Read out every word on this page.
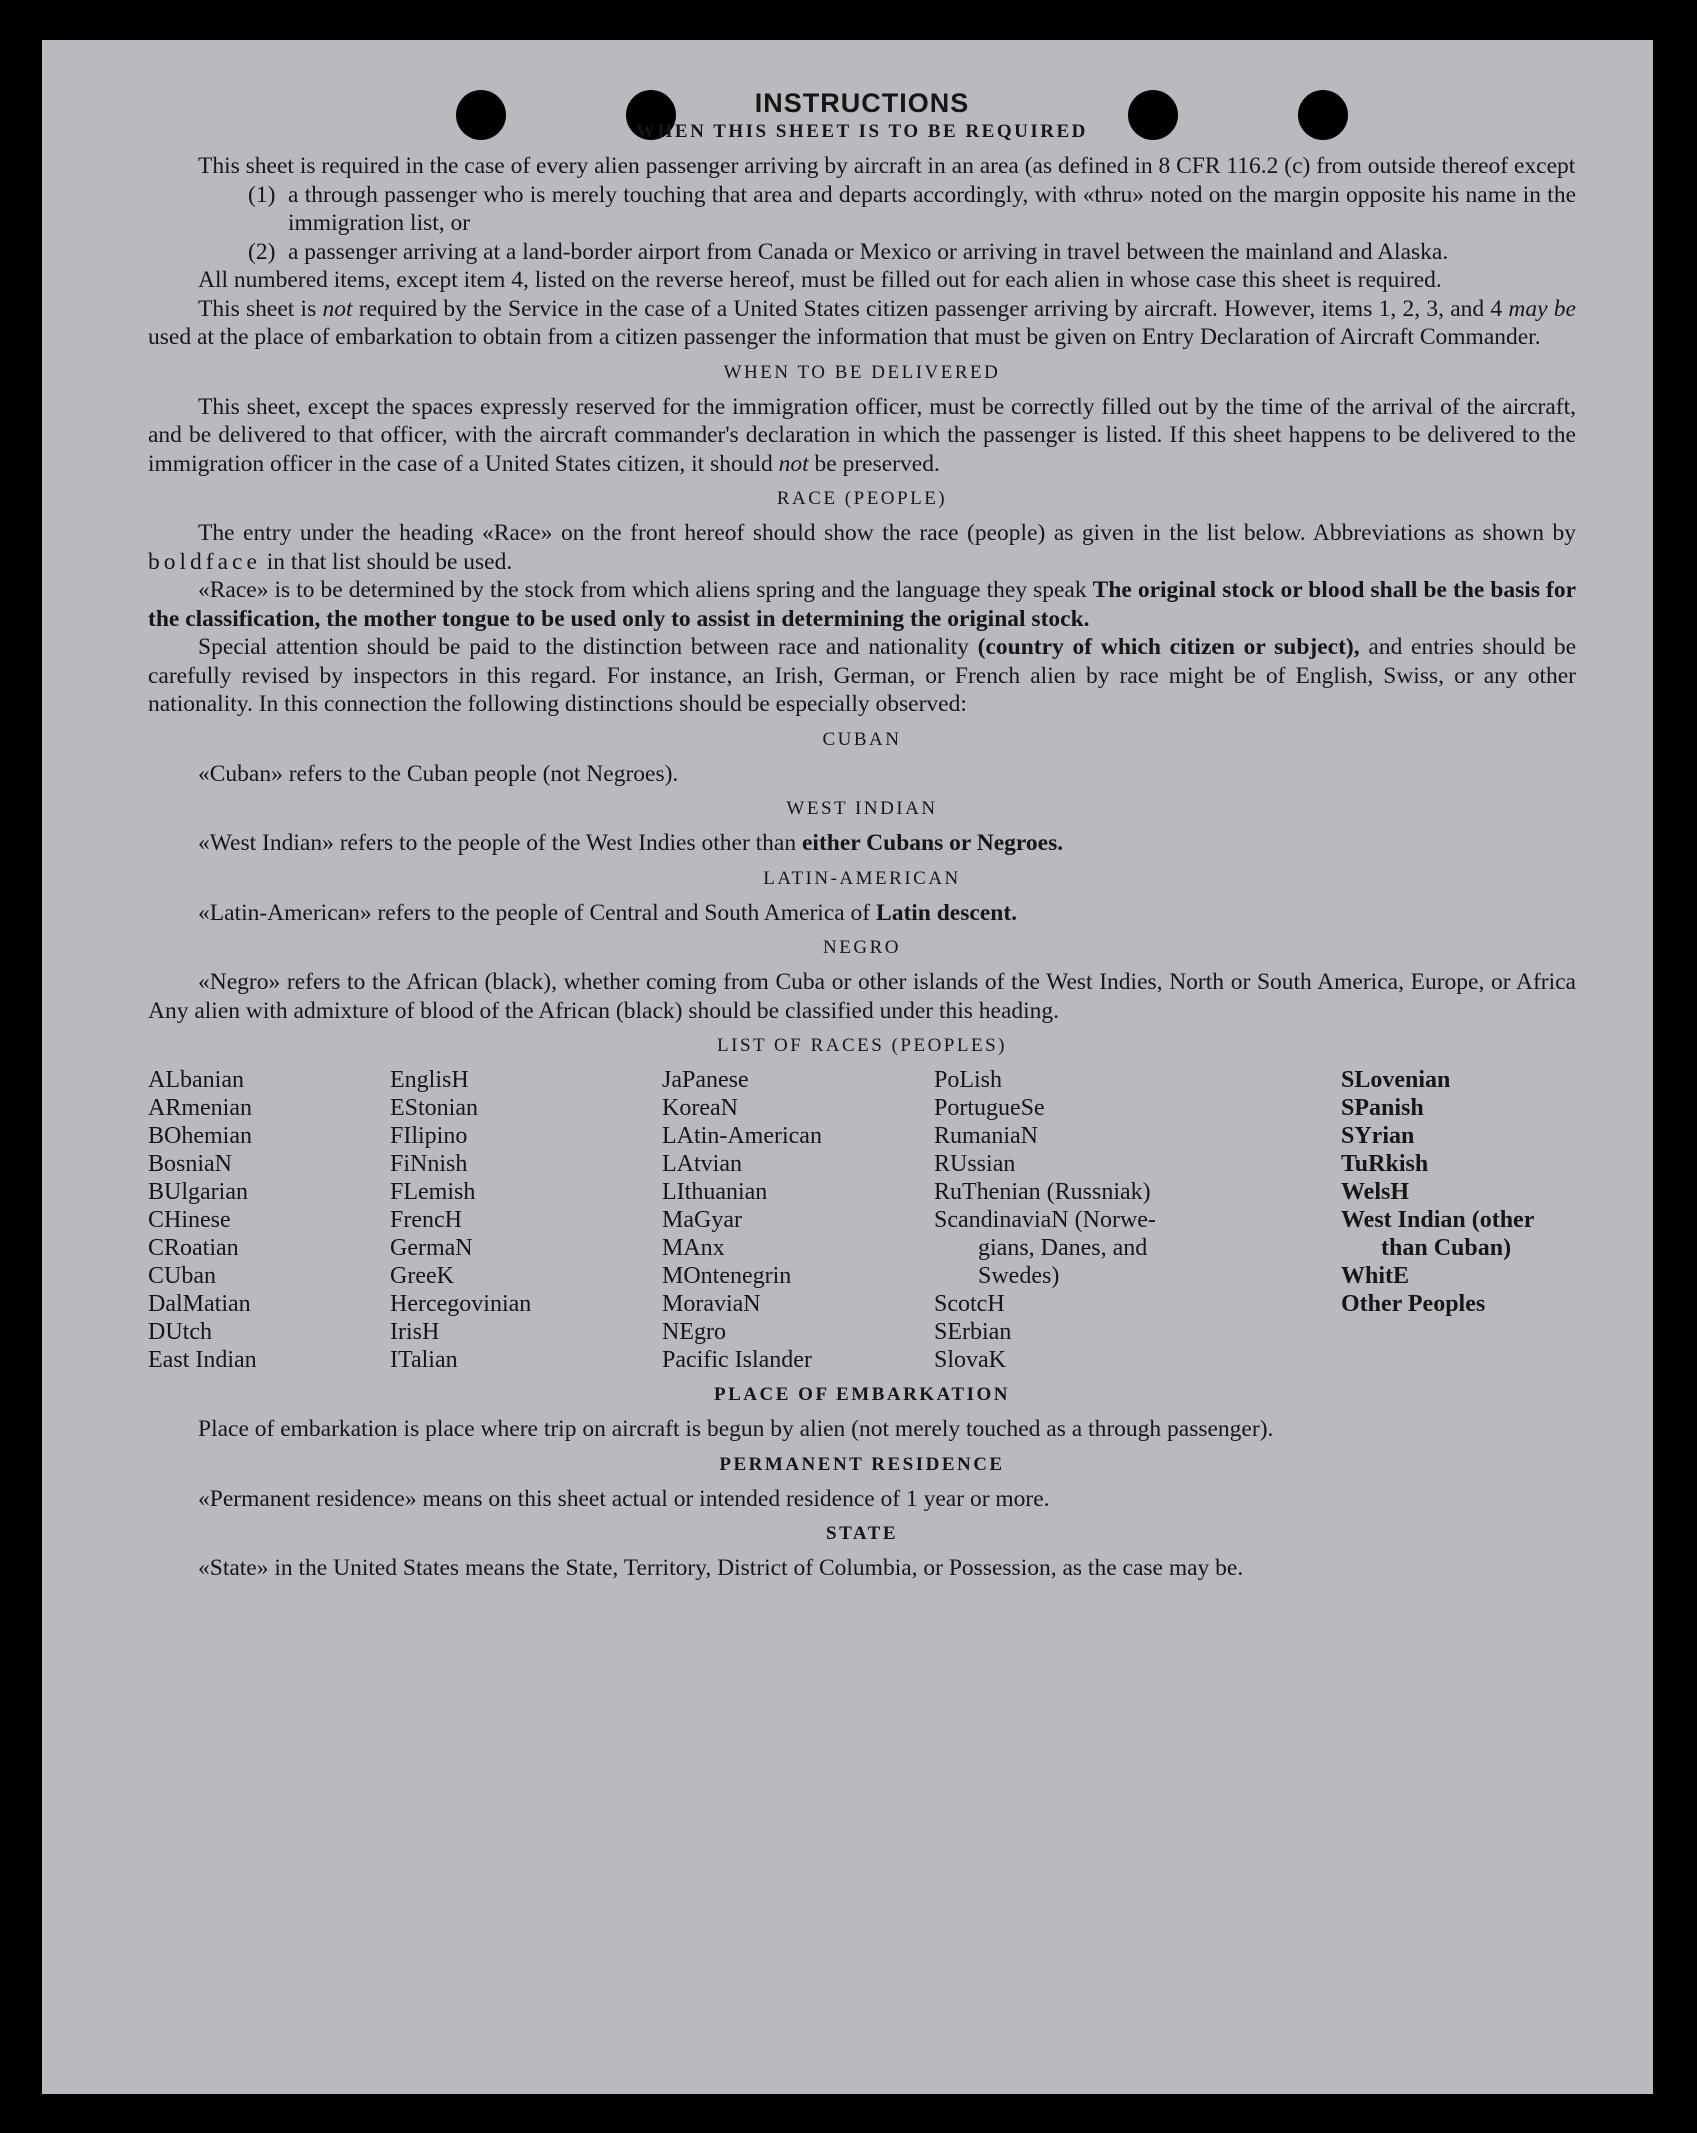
INSTRUCTIONS
WHEN THIS SHEET IS TO BE REQUIRED

This sheet is required in the case of every alien passenger arriving by aircraft in an area (as defined in 8 CFR 116.2 (c) from outside thereof except

(1) a through passenger who is merely touching that area and departs accordingly, with «thru» noted on the margin opposite his name in the immigration list, or
(2) a passenger arriving at a land-border airport from Canada or Mexico or arriving in travel between the mainland and Alaska.

All numbered items, except item 4, listed on the reverse hereof, must be filled out for each alien in whose case this sheet is required.

This sheet is not required by the Service in the case of a United States citizen passenger arriving by aircraft. However, items 1, 2, 3, and 4 may be used at the place of embarkation to obtain from a citizen passenger the information that must be given on Entry Declaration of Aircraft Commander.

WHEN TO BE DELIVERED

This sheet, except the spaces expressly reserved for the immigration officer, must be correctly filled out by the time of the arrival of the aircraft, and be delivered to that officer, with the aircraft commander's declaration in which the passenger is listed. If this sheet happens to be delivered to the immigration officer in the case of a United States citizen, it should not be preserved.

RACE (PEOPLE)

The entry under the heading «Race» on the front hereof should show the race (people) as given in the list below. Abbreviations as shown by boldface in that list should be used.

«Race» is to be determined by the stock from which aliens spring and the language they speak The original stock or blood shall be the basis for the classification, the mother tongue to be used only to assist in determining the original stock.

Special attention should be paid to the distinction between race and nationality (country of which citizen or subject), and entries should be carefully revised by inspectors in this regard. For instance, an Irish, German, or French alien by race might be of English, Swiss, or any other nationality. In this connection the following distinctions should be especially observed:

CUBAN

«Cuban» refers to the Cuban people (not Negroes).

WEST INDIAN

«West Indian» refers to the people of the West Indies other than either Cubans or Negroes.

LATIN-AMERICAN

«Latin-American» refers to the people of Central and South America of Latin descent.

NEGRO

«Negro» refers to the African (black), whether coming from Cuba or other islands of the West Indies, North or South America, Europe, or Africa Any alien with admixture of blood of the African (black) should be classified under this heading.

LIST OF RACES (PEOPLES)
ALbanian
ARmenian
BOhemian
BosniaN
BUlgarian
CHinese
CRoatian
CUban
DalMatian
DUtch
East Indian
EnglisH
EStonian
FIlipino
FiNnish
FLemish
FrencH
GermaN
GreeK
Hercegovinian
IrisH
ITalian
JaPanese
KoreaN
LAtin-American
LAtvian
LIthuanian
MaGyar
MAnx
MOntenegrin
MoraviaN
NEgro
Pacific Islander
PoLish
PortugueSe
RumaniaN
RUssian
RuThenian (Russniak)
ScandinaviaN (Norwe-
gians, Danes, and
Swedes)
ScotcH
SErbian
SlovaK
SLovenian
SPanish
SYrian
TuRkish
WelsH
West Indian (other
than Cuban)
WhitE
Other Peoples
PLACE OF EMBARKATION

Place of embarkation is place where trip on aircraft is begun by alien (not merely touched as a through passenger).

PERMANENT RESIDENCE

«Permanent residence» means on this sheet actual or intended residence of 1 year or more.

STATE

«State» in the United States means the State, Territory, District of Columbia, or Possession, as the case may be.
